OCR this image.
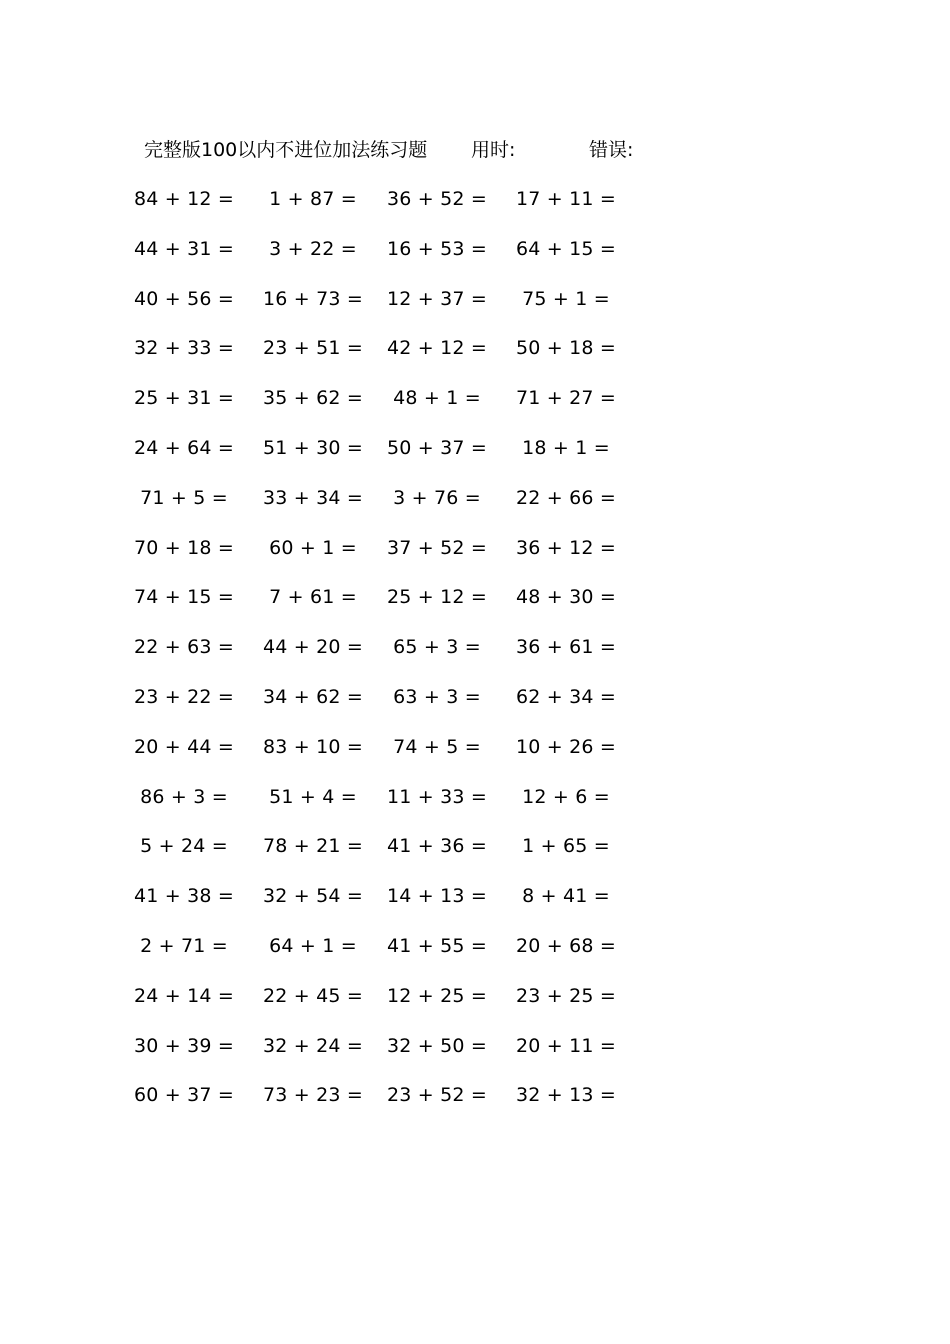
完整版100以内不进位加法练习题 用时:	错误:
84 + 12 = 1 + 87 = 36 + 52 = 17 + 11 =
44 + 31 = 3 + 22 = 16 + 53 = 64 + 15 =
40 + 56 = 16 + 73 = 12 + 37 = 75 + 1 =
32 + 33 = 23 + 51 = 42 + 12 = 50 + 18 =
25 + 31 = 35 + 62 = 48 + 1 = 71 + 27 =
24 + 64 = 51 + 30 = 50 + 37 = 18 + 1 =
71 + 5 = 33 + 34 = 3 + 76 = 22 + 66 =
70 + 18 = 60 + 1 = 37 + 52 = 36 + 12 =
74 + 15 = 7 + 61 = 25 + 12 = 48 + 30 =
22 + 63 = 44 + 20 = 65 + 3 = 36 + 61 =
23 + 22 = 34 + 62 = 63 + 3 = 62 + 34 =
20 + 44 = 83 + 10 = 74 + 5 = 10 + 26 =
86 + 3 = 51 + 4 = 11 + 33 = 12 + 6 =
5 + 24 = 78 + 21 = 41 + 36 = 1 + 65 =
41 + 38 = 32 + 54 = 14 + 13 = 8 + 41 =
2 + 71 = 64 + 1 = 41 + 55 = 20 + 68 =
24 + 14 = 22 + 45 = 12 + 25 = 23 + 25 =
30 + 39 = 32 + 24 = 32 + 50 = 20 + 11 =
60 + 37 = 73 + 23 = 23 + 52 = 32 + 13 =
